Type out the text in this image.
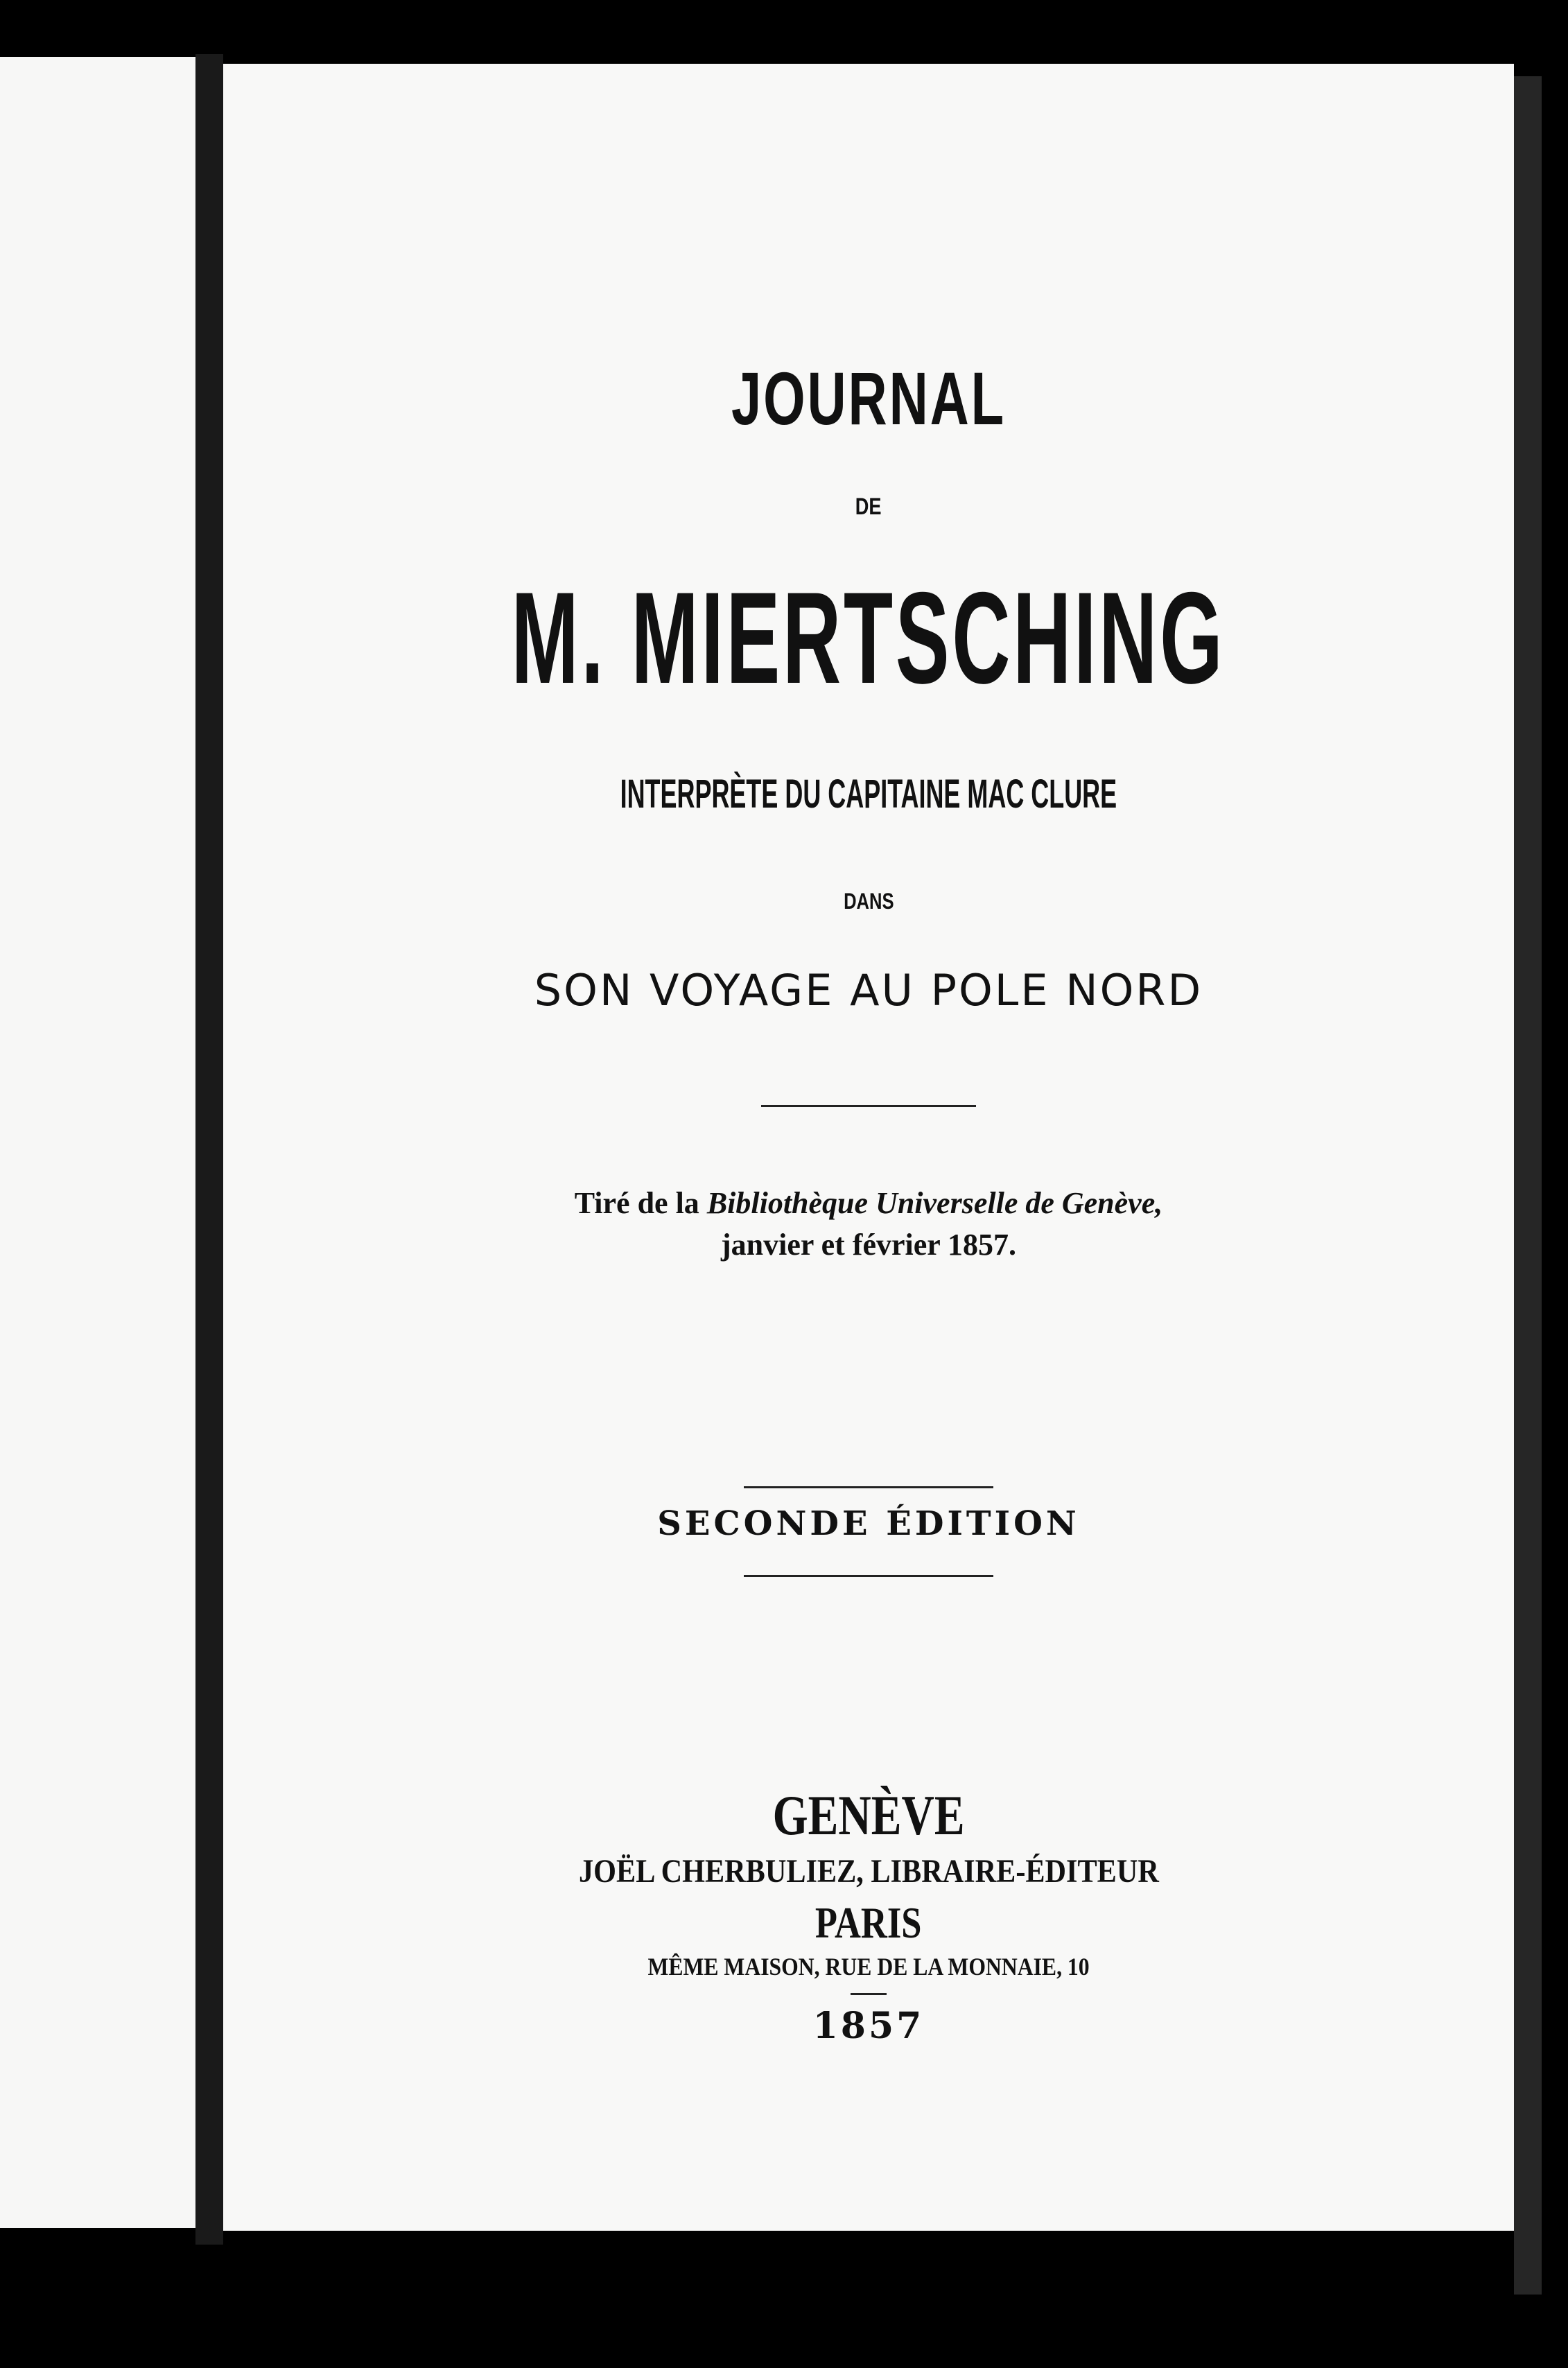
JOURNAL
DE
M. MIERTSCHING
INTERPRÈTE DU CAPITAINE MAC CLURE
DANS
SON VOYAGE AU POLE NORD
Tiré de la Bibliothèque Universelle de Genève,
janvier et février 1857.
SECONDE ÉDITION
GENÈVE
JOËL CHERBULIEZ, LIBRAIRE-ÉDITEUR
PARIS
MÊME MAISON, RUE DE LA MONNAIE, 10
1857
